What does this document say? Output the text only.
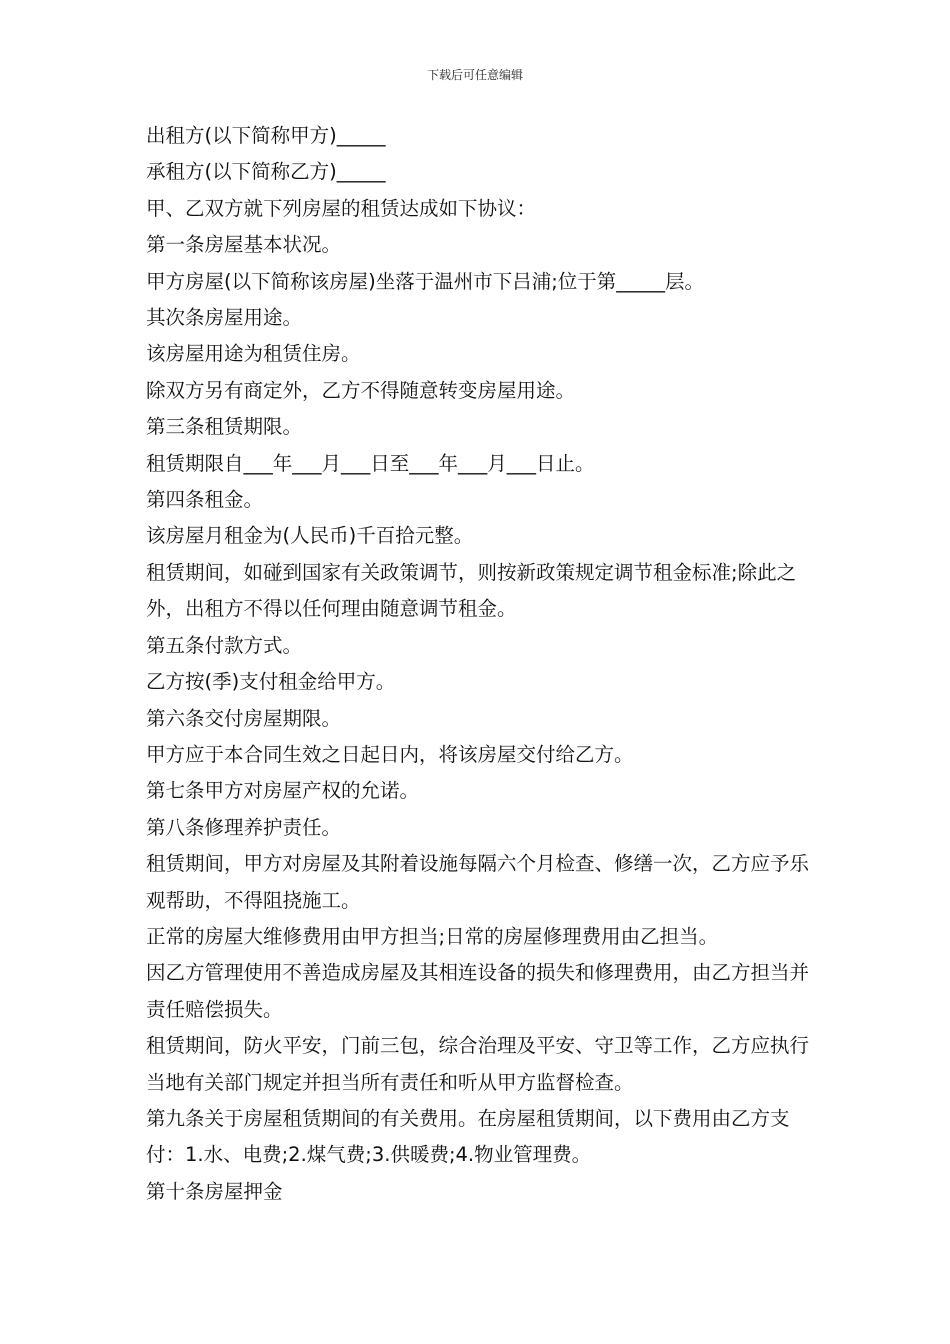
下载后可任意编辑

出租方(以下简称甲方)_____

承租方(以下简称乙方)_____

甲、乙双方就下列房屋的租赁达成如下协议：

第一条房屋基本状况。

甲方房屋(以下简称该房屋)坐落于温州市下吕浦;位于第_____层。

其次条房屋用途。

该房屋用途为租赁住房。

除双方另有商定外，乙方不得随意转变房屋用途。

第三条租赁期限。

租赁期限自___年___月___日至___年___月___日止。

第四条租金。

该房屋月租金为(人民币)千百拾元整。

租赁期间，如碰到国家有关政策调节，则按新政策规定调节租金标准;除此之外，出租方不得以任何理由随意调节租金。

第五条付款方式。

乙方按(季)支付租金给甲方。

第六条交付房屋期限。

甲方应于本合同生效之日起日内，将该房屋交付给乙方。

第七条甲方对房屋产权的允诺。

第八条修理养护责任。

租赁期间，甲方对房屋及其附着设施每隔六个月检查、修缮一次，乙方应予乐观帮助，不得阻挠施工。

正常的房屋大维修费用由甲方担当;日常的房屋修理费用由乙担当。

因乙方管理使用不善造成房屋及其相连设备的损失和修理费用，由乙方担当并责任赔偿损失。

租赁期间，防火平安，门前三包，综合治理及平安、守卫等工作，乙方应执行当地有关部门规定并担当所有责任和听从甲方监督检查。

第九条关于房屋租赁期间的有关费用。在房屋租赁期间，以下费用由乙方支付：1.水、电费;2.煤气费;3.供暖费;4.物业管理费。

第十条房屋押金
